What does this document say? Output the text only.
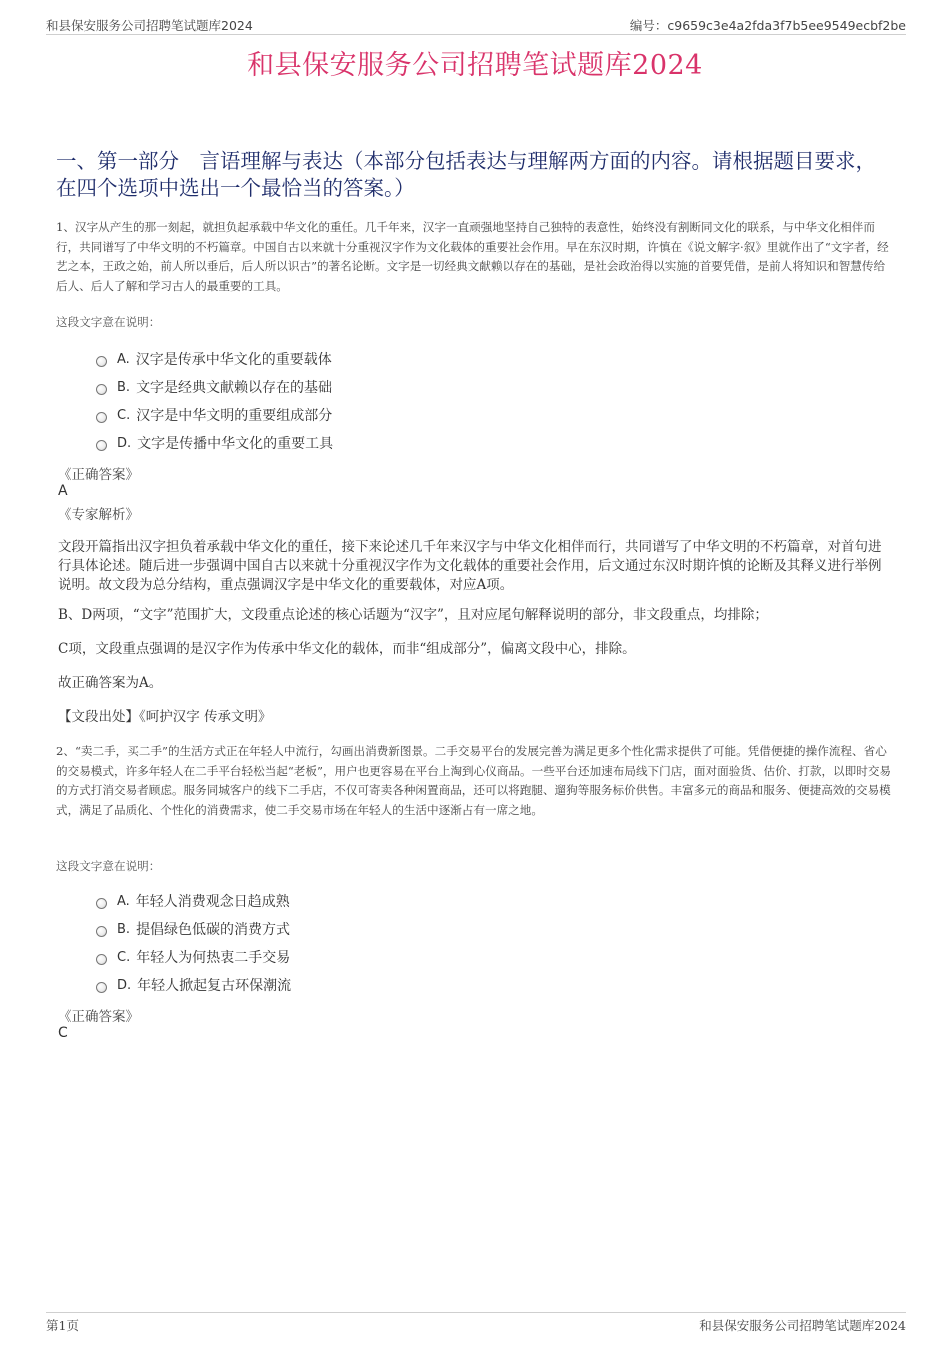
和县保安服务公司招聘笔试题库2024	编号：c9659c3e4a2fda3f7b5ee9549ecbf2be
和县保安服务公司招聘笔试题库2024
一、第一部分　言语理解与表达（本部分包括表达与理解两方面的内容。请根据题目要求，在四个选项中选出一个最恰当的答案。）
1、汉字从产生的那一刻起，就担负起承载中华文化的重任。几千年来，汉字一直顽强地坚持自己独特的表意性，始终没有割断同文化的联系，与中华文化相伴而行，共同谱写了中华文明的不朽篇章。中国自古以来就十分重视汉字作为文化载体的重要社会作用。早在东汉时期，许慎在《说文解字·叙》里就作出了“文字者，经艺之本，王政之始，前人所以垂后，后人所以识古”的著名论断。文字是一切经典文献赖以存在的基础，是社会政治得以实施的首要凭借，是前人将知识和智慧传给后人、后人了解和学习古人的最重要的工具。
这段文字意在说明：
A. 汉字是传承中华文化的重要载体
B. 文字是经典文献赖以存在的基础
C. 汉字是中华文明的重要组成部分
D. 文字是传播中华文化的重要工具
《正确答案》
A
《专家解析》
文段开篇指出汉字担负着承载中华文化的重任，接下来论述几千年来汉字与中华文化相伴而行，共同谱写了中华文明的不朽篇章，对首句进行具体论述。随后进一步强调中国自古以来就十分重视汉字作为文化载体的重要社会作用，后文通过东汉时期许慎的论断及其释义进行举例说明。故文段为总分结构，重点强调汉字是中华文化的重要载体，对应A项。
B、D两项，“文字”范围扩大，文段重点论述的核心话题为“汉字”，且对应尾句解释说明的部分，非文段重点，均排除；
C项，文段重点强调的是汉字作为传承中华文化的载体，而非“组成部分”，偏离文段中心，排除。
故正确答案为A。
【文段出处】《呵护汉字 传承文明》
2、“卖二手，买二手”的生活方式正在年轻人中流行，勾画出消费新图景。二手交易平台的发展完善为满足更多个性化需求提供了可能。凭借便捷的操作流程、省心的交易模式，许多年轻人在二手平台轻松当起“老板”，用户也更容易在平台上淘到心仪商品。一些平台还加速布局线下门店，面对面验货、估价、打款，以即时交易的方式打消交易者顾虑。服务同城客户的线下二手店，不仅可寄卖各种闲置商品，还可以将跑腿、遛狗等服务标价供售。丰富多元的商品和服务、便捷高效的交易模式，满足了品质化、个性化的消费需求，使二手交易市场在年轻人的生活中逐渐占有一席之地。
这段文字意在说明：
A. 年轻人消费观念日趋成熟
B. 提倡绿色低碳的消费方式
C. 年轻人为何热衷二手交易
D. 年轻人掀起复古环保潮流
《正确答案》
C
第1页	和县保安服务公司招聘笔试题库2024
